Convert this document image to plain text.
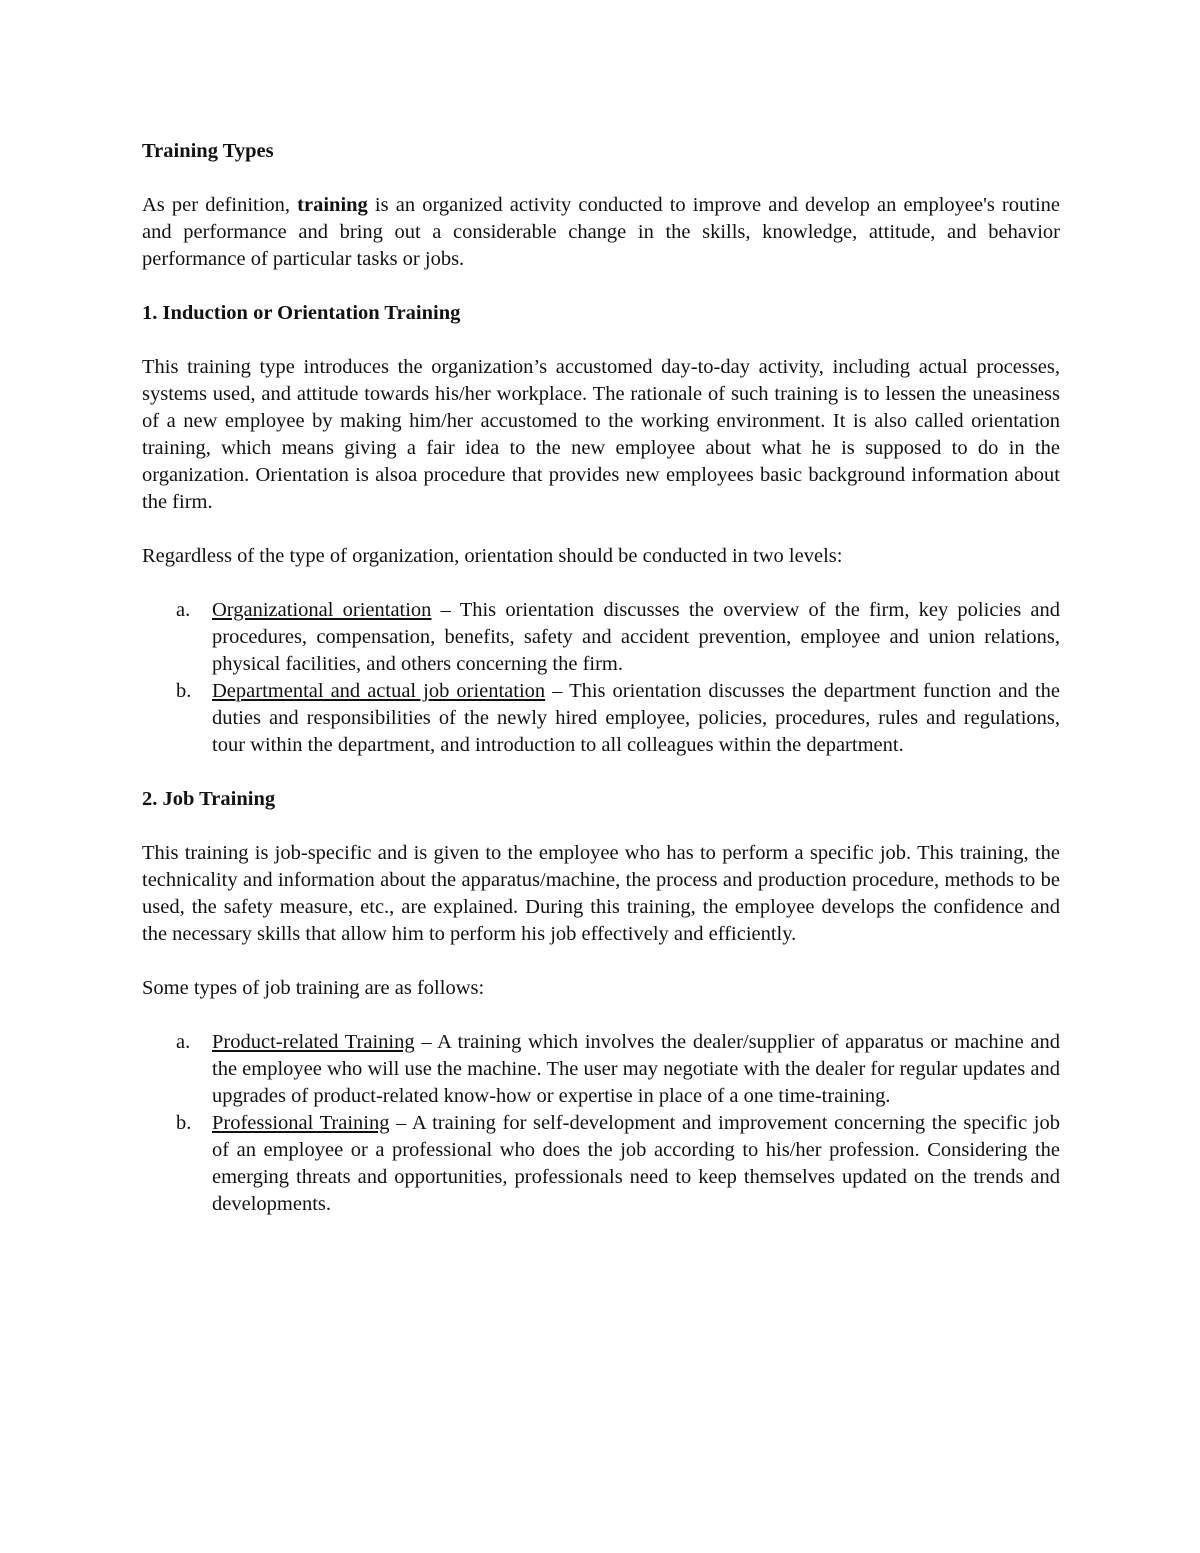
Training Types

As per definition, training is an organized activity conducted to improve and develop an employee's routine and performance and bring out a considerable change in the skills, knowledge, attitude, and behavior performance of particular tasks or jobs.

1. Induction or Orientation Training

This training type introduces the organization’s accustomed day-to-day activity, including actual processes, systems used, and attitude towards his/her workplace. The rationale of such training is to lessen the uneasiness of a new employee by making him/her accustomed to the working environment. It is also called orientation training, which means giving a fair idea to the new employee about what he is supposed to do in the organization. Orientation is alsoa procedure that provides new employees basic background information about the firm.

Regardless of the type of organization, orientation should be conducted in two levels:

a. Organizational orientation – This orientation discusses the overview of the firm, key policies and procedures, compensation, benefits, safety and accident prevention, employee and union relations, physical facilities, and others concerning the firm.
b. Departmental and actual job orientation – This orientation discusses the department function and the duties and responsibilities of the newly hired employee, policies, procedures, rules and regulations, tour within the department, and introduction to all colleagues within the department.
2. Job Training

This training is job-specific and is given to the employee who has to perform a specific job. This training, the technicality and information about the apparatus/machine, the process and production procedure, methods to be used, the safety measure, etc., are explained. During this training, the employee develops the confidence and the necessary skills that allow him to perform his job effectively and efficiently.

Some types of job training are as follows:

a. Product-related Training – A training which involves the dealer/supplier of apparatus or machine and the employee who will use the machine. The user may negotiate with the dealer for regular updates and upgrades of product-related know-how or expertise in place of a one time-training.
b. Professional Training – A training for self-development and improvement concerning the specific job of an employee or a professional who does the job according to his/her profession. Considering the emerging threats and opportunities, professionals need to keep themselves updated on the trends and developments.
